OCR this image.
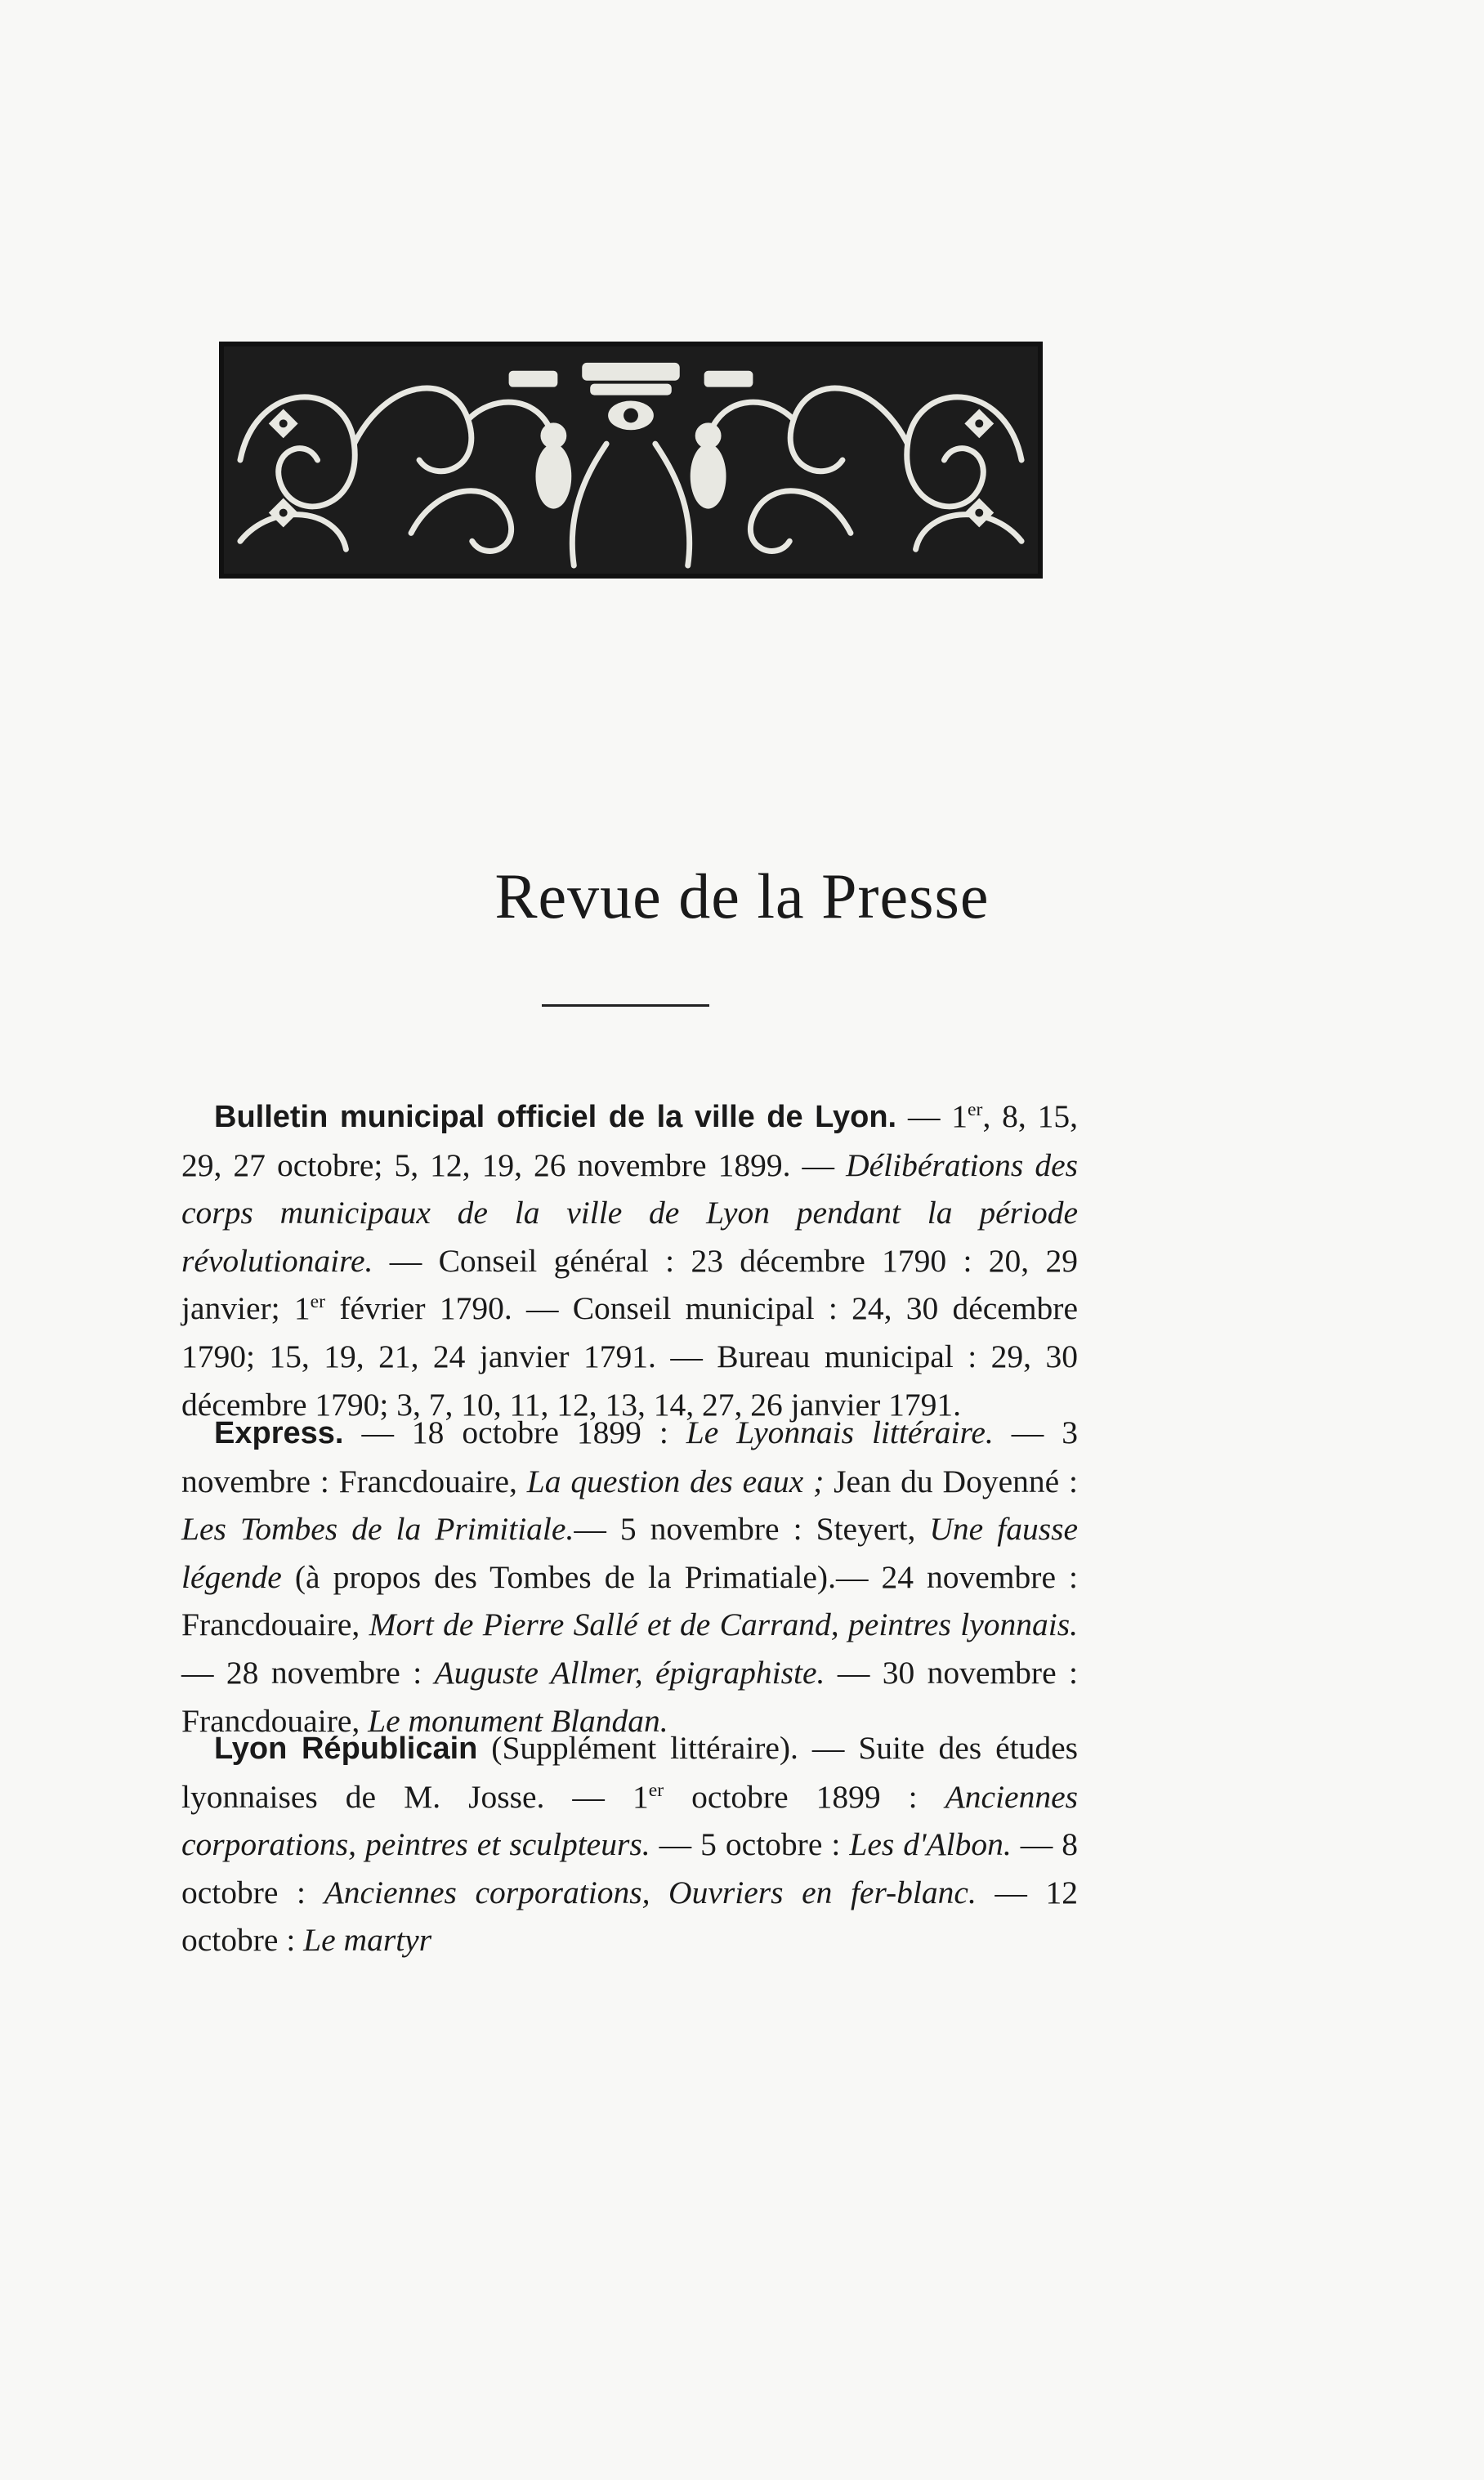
Revue de la Presse

Bulletin municipal officiel de la ville de Lyon. — 1er, 8, 15, 29, 27 octobre; 5, 12, 19, 26 novembre 1899. — Délibérations des corps municipaux de la ville de Lyon pendant la période révolutionaire. — Conseil général : 23 décembre 1790 : 20, 29 janvier; 1er février 1790. — Conseil municipal : 24, 30 décembre 1790; 15, 19, 21, 24 janvier 1791. — Bureau municipal : 29, 30 décembre 1790; 3, 7, 10, 11, 12, 13, 14, 27, 26 janvier 1791.

Express. — 18 octobre 1899 : Le Lyonnais littéraire. — 3 novembre : Francdouaire, La question des eaux ; Jean du Doyenné : Les Tombes de la Primitiale.— 5 novembre : Steyert, Une fausse légende (à propos des Tombes de la Primatiale).— 24 novembre : Francdouaire, Mort de Pierre Sallé et de Carrand, peintres lyonnais. — 28 novembre : Auguste Allmer, épigraphiste. — 30 novembre : Francdouaire, Le monument Blandan.

Lyon Républicain (Supplément littéraire). — Suite des études lyonnaises de M. Josse. — 1er octobre 1899 : Anciennes corporations, peintres et sculpteurs. — 5 octobre : Les d'Albon. — 8 octobre : Anciennes corporations, Ouvriers en fer-blanc. — 12 octobre : Le martyr
